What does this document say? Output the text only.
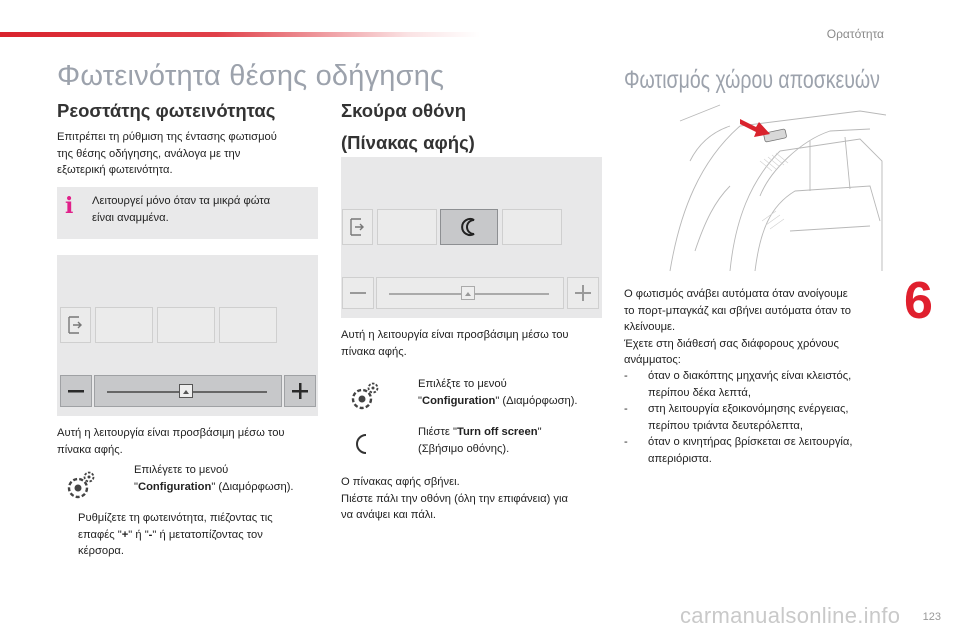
Ορατότητα
Φωτεινότητα θέσης οδήγησης
Ρεοστάτης φωτεινότητας
Επιτρέπει τη ρύθμιση της έντασης φωτισμού
της θέσης οδήγησης, ανάλογα με την
εξωτερική φωτεινότητα.
i	Λειτουργεί μόνο όταν τα μικρά φώτα
είναι αναμμένα.
Αυτή η λειτουργία είναι προσβάσιμη μέσω του
πίνακα αφής.
Επιλέγετε το μενού
"Configuration" (Διαμόρφωση).
Ρυθμίζετε τη φωτεινότητα, πιέζοντας τις
επαφές "+" ή "-" ή μετατοπίζοντας τον
κέρσορα.
Σκούρα οθόνη
(Πίνακας αφής)
Αυτή η λειτουργία είναι προσβάσιμη μέσω του
πίνακα αφής.
Επιλέξτε το μενού
"Configuration" (Διαμόρφωση).
Πιέστε "Turn off screen"
(Σβήσιμο οθόνης).
Ο πίνακας αφής σβήνει.
Πιέστε πάλι την οθόνη (όλη την επιφάνεια) για
να ανάψει και πάλι.
Φωτισμός χώρου αποσκευών
Ο φωτισμός ανάβει αυτόματα όταν ανοίγουμε
το πορτ-μπαγκάζ και σβήνει αυτόματα όταν το
κλείνουμε.
Έχετε στη διάθεσή σας διάφορους χρόνους
ανάμματος:
- όταν ο διακόπτης μηχανής είναι κλειστός,
περίπου δέκα λεπτά,
- στη λειτουργία εξοικονόμησης ενέργειας,
περίπου τριάντα δευτερόλεπτα,
- όταν ο κινητήρας βρίσκεται σε λειτουργία,
απεριόριστα.
6
carmanualsonline.info 123
